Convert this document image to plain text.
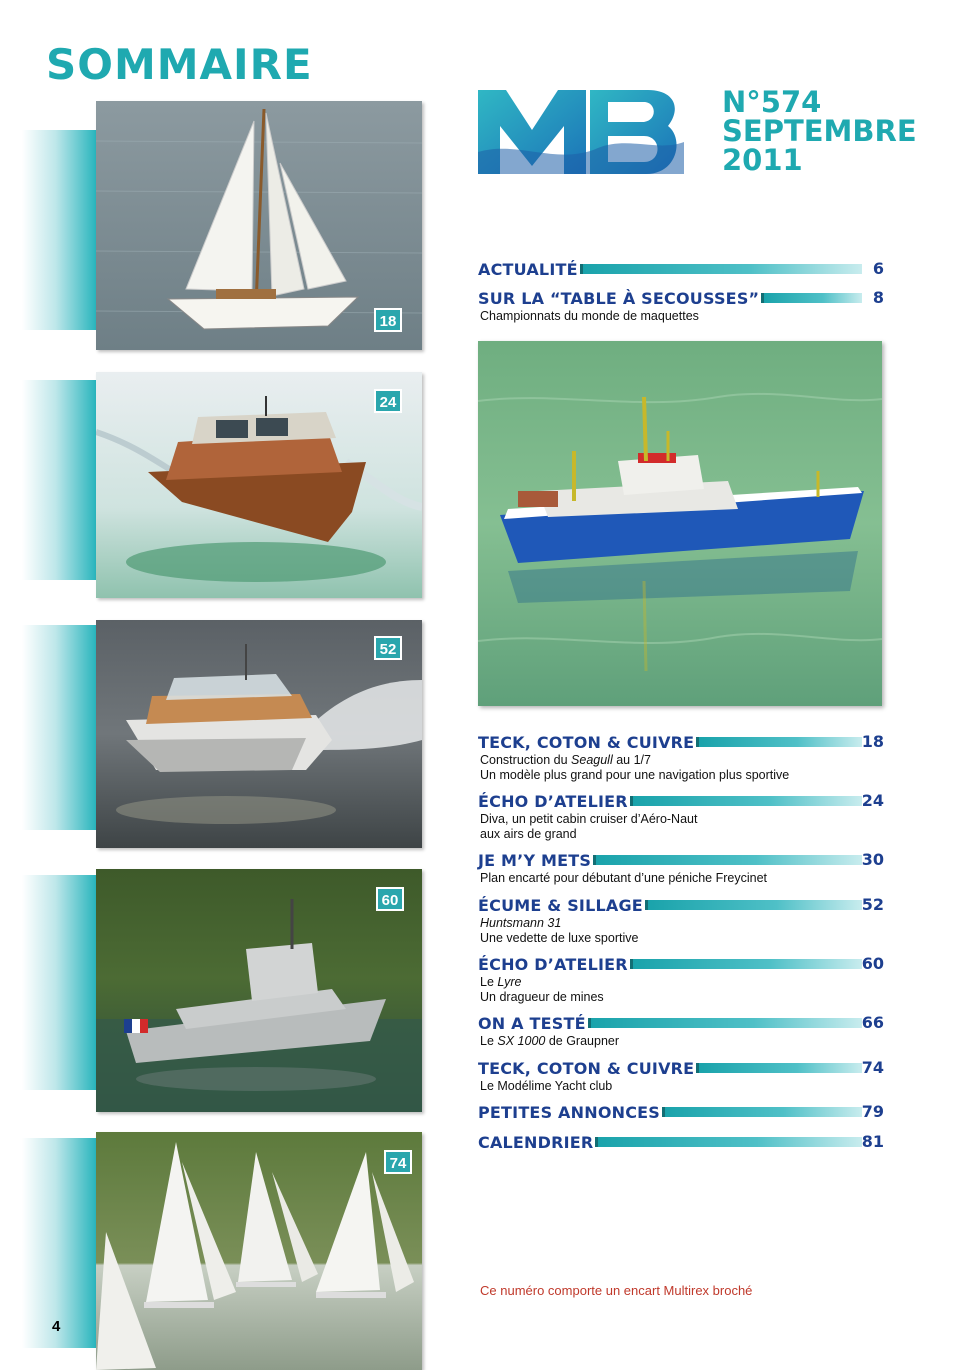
SOMMAIRE
18
24
52
60
74
N°574
SEPTEMBRE
2011
ACTUALITÉ	6
SUR LA “TABLE À SECOUSSES”	8
Championnats du monde de maquettes
TECK, COTON & CUIVRE	18
Construction du Seagull au 1/7
Un modèle plus grand pour une navigation plus sportive
ÉCHO D’ATELIER	24
Diva, un petit cabin cruiser d’Aéro-Naut
aux airs de grand
JE M’Y METS	30
Plan encarté pour débutant d’une péniche Freycinet
ÉCUME & SILLAGE	52
Huntsmann 31
Une vedette de luxe sportive
ÉCHO D’ATELIER	60
Le Lyre
Un dragueur de mines
ON A TESTÉ	66
Le SX 1000 de Graupner
TECK, COTON & CUIVRE	74
Le Modélime Yacht club
PETITES ANNONCES	79
CALENDRIER	81
Ce numéro comporte un encart Multirex broché
4
